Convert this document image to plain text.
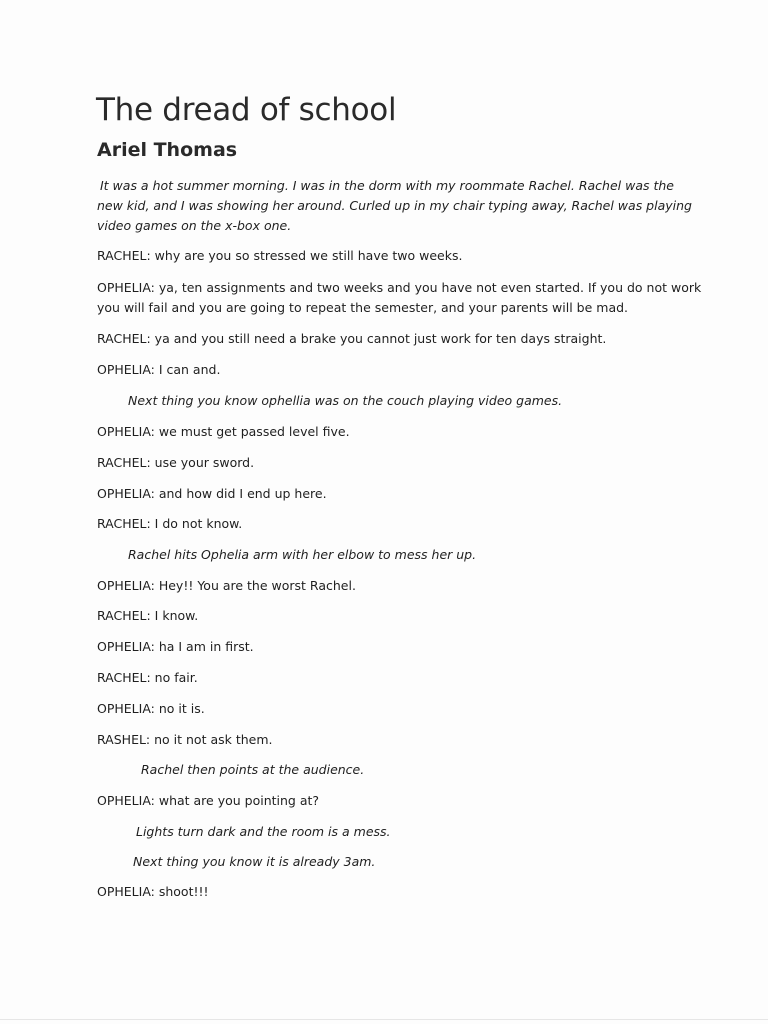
The dread of school
Ariel Thomas
It was a hot summer morning. I was in the dorm with my roommate Rachel. Rachel was the
new kid, and I was showing her around. Curled up in my chair typing away, Rachel was playing
video games on the x-box one.
RACHEL: why are you so stressed we still have two weeks.
OPHELIA: ya, ten assignments and two weeks and you have not even started. If you do not work
you will fail and you are going to repeat the semester, and your parents will be mad.
RACHEL: ya and you still need a brake you cannot just work for ten days straight.
OPHELIA: I can and.
Next thing you know ophellia was on the couch playing video games.
OPHELIA: we must get passed level five.
RACHEL: use your sword.
OPHELIA: and how did I end up here.
RACHEL: I do not know.
Rachel hits Ophelia arm with her elbow to mess her up.
OPHELIA: Hey!! You are the worst Rachel.
RACHEL: I know.
OPHELIA: ha I am in first.
RACHEL: no fair.
OPHELIA: no it is.
RASHEL: no it not ask them.
Rachel then points at the audience.
OPHELIA: what are you pointing at?
Lights turn dark and the room is a mess.
Next thing you know it is already 3am.
OPHELIA: shoot!!!
